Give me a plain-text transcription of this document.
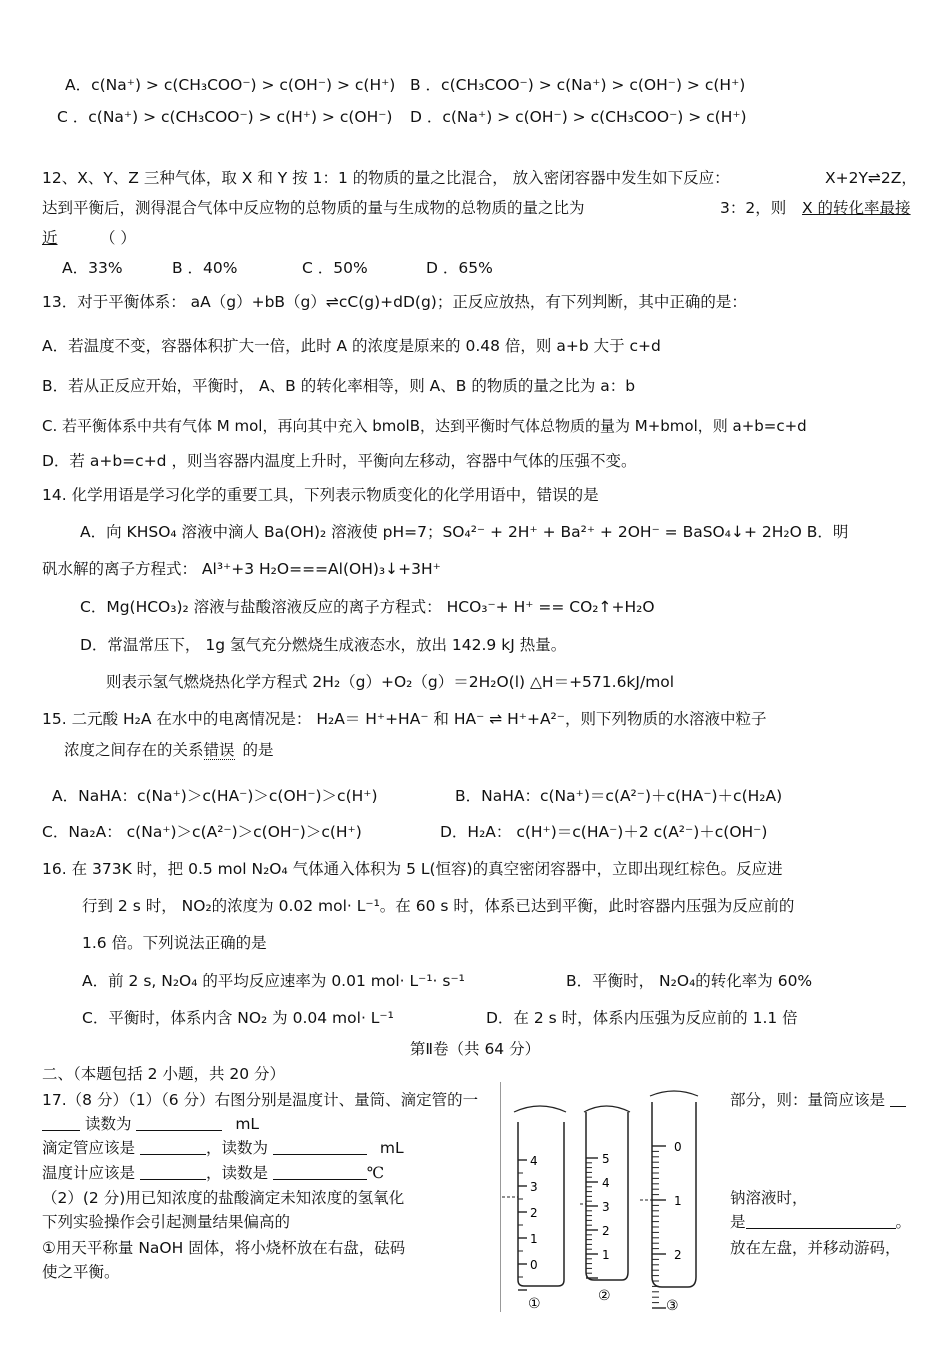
A．c(Na⁺) > c(CH₃COO⁻) > c(OH⁻) > c(H⁺) B ．c(CH₃COO⁻) > c(Na⁺) > c(OH⁻) > c(H⁺)
C ．c(Na⁺) > c(CH₃COO⁻) > c(H⁺) > c(OH⁻) D ．c(Na⁺) > c(OH⁻) > c(CH₃COO⁻) > c(H⁺)
12、X、Y、Z 三种气体，取 X 和 Y 按 1：1 的物质的量之比混合， 放入密闭容器中发生如下反应：	X+2Y⇌2Z，
达到平衡后，测得混合气体中反应物的总物质的量与生成物的总物质的量之比为	3：2，则 X 的转化率最接
近	（ ）
A．33%	B ．40%	C ．50%	D ．65%
13．对于平衡体系： aA（g）+bB（g）⇌cC(g)+dD(g)；正反应放热，有下列判断，其中正确的是：
A．若温度不变，容器体积扩大一倍，此时 A 的浓度是原来的 0.48 倍，则 a+b 大于 c+d
B．若从正反应开始，平衡时， A、B 的转化率相等，则 A、B 的物质的量之比为 a：b
C. 若平衡体系中共有气体 M mol，再向其中充入 bmolB，达到平衡时气体总物质的量为 M+bmol，则 a+b=c+d
D．若 a+b=c+d ，则当容器内温度上升时，平衡向左移动，容器中气体的压强不变。
14. 化学用语是学习化学的重要工具，下列表示物质变化的化学用语中，错误的是
A．向 KHSO₄ 溶液中滴人 Ba(OH)₂ 溶液使 pH=7；SO₄²⁻ + 2H⁺ + Ba²⁺ + 2OH⁻ = BaSO₄↓+ 2H₂O B．明
矾水解的离子方程式： Al³⁺+3 H₂O===Al(OH)₃↓+3H⁺
C．Mg(HCO₃)₂ 溶液与盐酸溶液反应的离子方程式： HCO₃⁻+ H⁺ == CO₂↑+H₂O
D．常温常压下， 1g 氢气充分燃烧生成液态水，放出 142.9 kJ 热量。
则表示氢气燃烧热化学方程式 2H₂（g）+O₂（g）＝2H₂O(l) △H＝+571.6kJ/mol
15. 二元酸 H₂A 在水中的电离情况是： H₂A＝ H⁺+HA⁻ 和 HA⁻ ⇌ H⁺+A²⁻，则下列物质的水溶液中粒子
浓度之间存在的关系错误 的是
A．NaHA：c(Na⁺)＞c(HA⁻)＞c(OH⁻)＞c(H⁺)	B．NaHA：c(Na⁺)＝c(A²⁻)＋c(HA⁻)＋c(H₂A)
C．Na₂A： c(Na⁺)＞c(A²⁻)＞c(OH⁻)＞c(H⁺)	D．H₂A： c(H⁺)＝c(HA⁻)＋2 c(A²⁻)＋c(OH⁻)
16. 在 373K 时，把 0.5 mol N₂O₄ 气体通入体积为 5 L(恒容)的真空密闭容器中，立即出现红棕色。反应进
行到 2 s 时， NO₂的浓度为 0.02 mol· L⁻¹。在 60 s 时，体系已达到平衡，此时容器内压强为反应前的
1.6 倍。下列说法正确的是
A．前 2 s, N₂O₄ 的平均反应速率为 0.01 mol· L⁻¹· s⁻¹	B．平衡时， N₂O₄的转化率为 60%
C．平衡时，体系内含 NO₂ 为 0.04 mol· L⁻¹	D．在 2 s 时，体系内压强为反应前的 1.1 倍
第Ⅱ卷（共 64 分）
二、（本题包括 2 小题，共 20 分）
17.（8 分）（1）（6 分）右图分别是温度计、量筒、滴定管的一	部分，则：量筒应该是
读数为	mL
滴定管应该是	，读数为	mL
温度计应该是	，读数是	℃
（2）(2 分)用已知浓度的盐酸滴定未知浓度的氢氧化	钠溶液时，
下列实验操作会引起测量结果偏高的	是	。
①用天平称量 NaOH 固体，将小烧杯放在右盘，砝码	放在左盘，并移动游码，
使之平衡。
4
3
2
1
0
①
5
4
3
2
1
②
0
1
2
③
